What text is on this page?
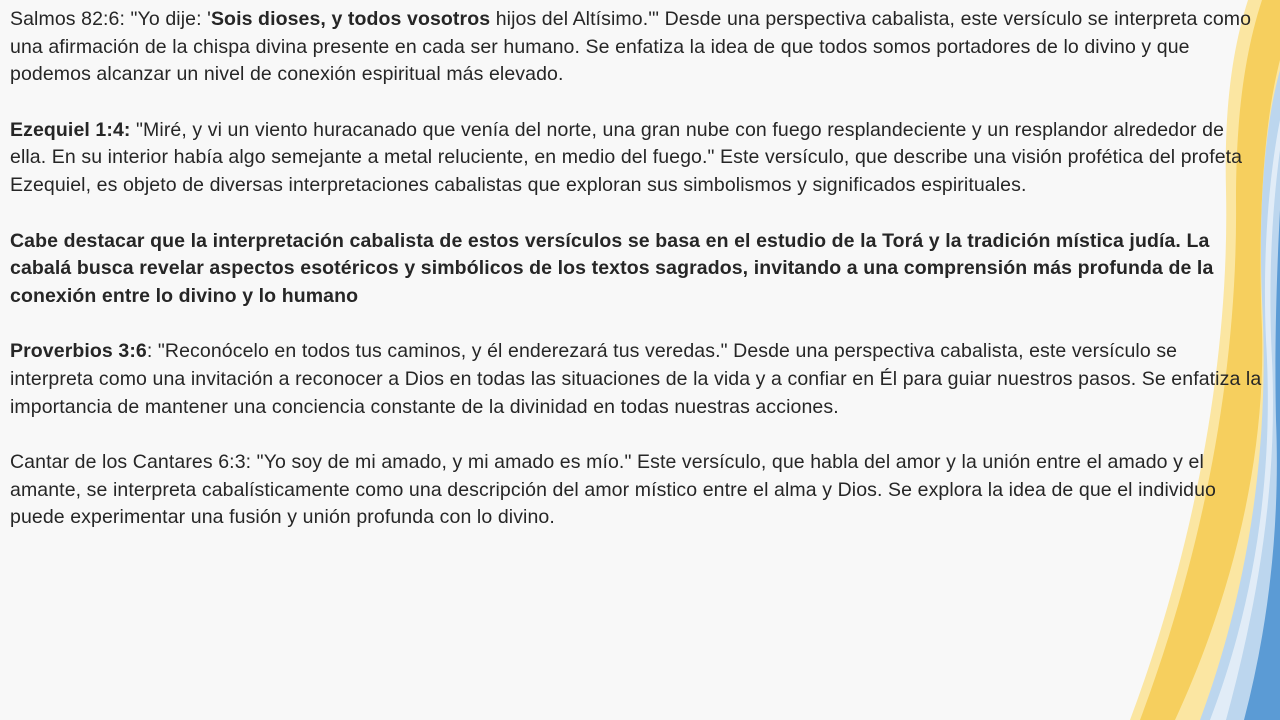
Salmos 82:6: "Yo dije: 'Sois dioses, y todos vosotros hijos del Altísimo.'" Desde una perspectiva cabalista, este versículo se interpreta como una afirmación de la chispa divina presente en cada ser humano. Se enfatiza la idea de que todos somos portadores de lo divino y que podemos alcanzar un nivel de conexión espiritual más elevado.

Ezequiel 1:4: "Miré, y vi un viento huracanado que venía del norte, una gran nube con fuego resplandeciente y un resplandor alrededor de ella. En su interior había algo semejante a metal reluciente, en medio del fuego." Este versículo, que describe una visión profética del profeta Ezequiel, es objeto de diversas interpretaciones cabalistas que exploran sus simbolismos y significados espirituales.

Cabe destacar que la interpretación cabalista de estos versículos se basa en el estudio de la Torá y la tradición mística judía. La cabalá busca revelar aspectos esotéricos y simbólicos de los textos sagrados, invitando a una comprensión más profunda de la conexión entre lo divino y lo humano

Proverbios 3:6: "Reconócelo en todos tus caminos, y él enderezará tus veredas." Desde una perspectiva cabalista, este versículo se interpreta como una invitación a reconocer a Dios en todas las situaciones de la vida y a confiar en Él para guiar nuestros pasos. Se enfatiza la importancia de mantener una conciencia constante de la divinidad en todas nuestras acciones.

Cantar de los Cantares 6:3: "Yo soy de mi amado, y mi amado es mío." Este versículo, que habla del amor y la unión entre el amado y el amante, se interpreta cabalísticamente como una descripción del amor místico entre el alma y Dios. Se explora la idea de que el individuo puede experimentar una fusión y unión profunda con lo divino.
